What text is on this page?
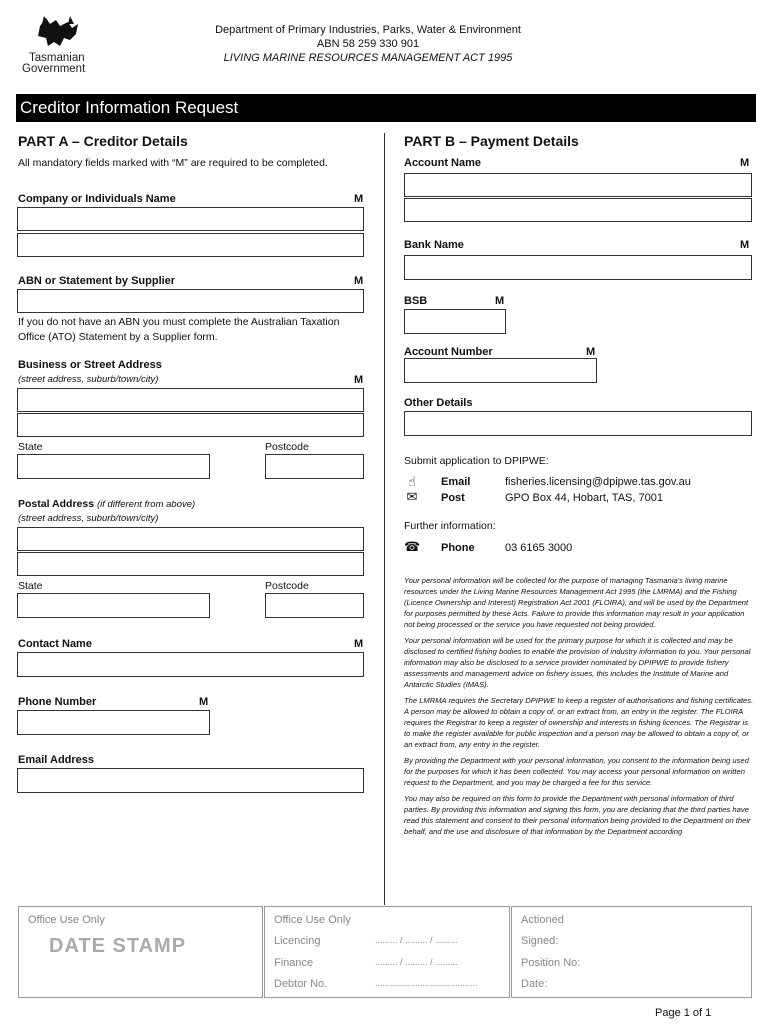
Tasmanian
Government
Department of Primary Industries, Parks, Water & Environment
ABN 58 259 330 901
LIVING MARINE RESOURCES MANAGEMENT ACT 1995
Creditor Information Request
PART A – Creditor Details
All mandatory fields marked with “M” are required to be completed.
Company or Individuals Name	M
ABN or Statement by Supplier	M
If you do not have an ABN you must complete the Australian Taxation Office (ATO) Statement by a Supplier form.
Business or Street Address
(street address, suburb/town/city)	M
State	Postcode
Postal Address (if different from above)
(street address, suburb/town/city)
State	Postcode
Contact Name	M
Phone Number	M
Email Address
PART B – Payment Details
Account Name	M
Bank Name	M
BSB	M
Account Number	M
Other Details
Submit application to DPIPWE:
☝	Email	fisheries.licensing@dpipwe.tas.gov.au
✉ Post	GPO Box 44, Hobart, TAS, 7001
Further information:
☎ Phone	03 6165 3000

Your personal information will be collected for the purpose of managing Tasmania's living marine resources under the Living Marine Resources Management Act 1995 (the LMRMA) and the Fishing (Licence Ownership and Interest) Registration Act 2001 (FLOIRA), and will be used by the Department for purposes permitted by these Acts. Failure to provide this information may result in your application not being processed or the service you have requested not being provided.

Your personal information will be used for the primary purpose for which it is collected and may be disclosed to certified fishing bodies to enable the provision of industry information to you. Your personal information may also be disclosed to a service provider nominated by DPIPWE to provide fishery assessments and management advice on fishery issues, this includes the Institute of Marine and Antarctic Studies (IMAS).

The LMRMA requires the Secretary DPIPWE to keep a register of authorisations and fishing certificates. A person may be allowed to obtain a copy of, or an extract from, an entry in the register. The FLOIRA requires the Registrar to keep a register of ownership and interests in fishing licences. The Registrar is to make the register available for public inspection and a person may be allowed to obtain a copy of, or an extract from, any entry in the register.

By providing the Department with your personal information, you consent to the information being used for the purposes for which it has been collected. You may access your personal information on written request to the Department, and you may be charged a fee for this service.

You may also be required on this form to provide the Department with personal information of third parties. By providing this information and signing this form, you are declaring that the third parties have read this statement and consent to their personal information being provided to the Department on their behalf, and the use and disclosure of that information by the Department according

Office Use Only
DATE STAMP
Office Use Only
Licencing	......... / ......... / .........
Finance	......... / ......... / .........
Debtor No.	.........................................
Actioned
Signed:
Position No:
Date:
Page 1 of 1
